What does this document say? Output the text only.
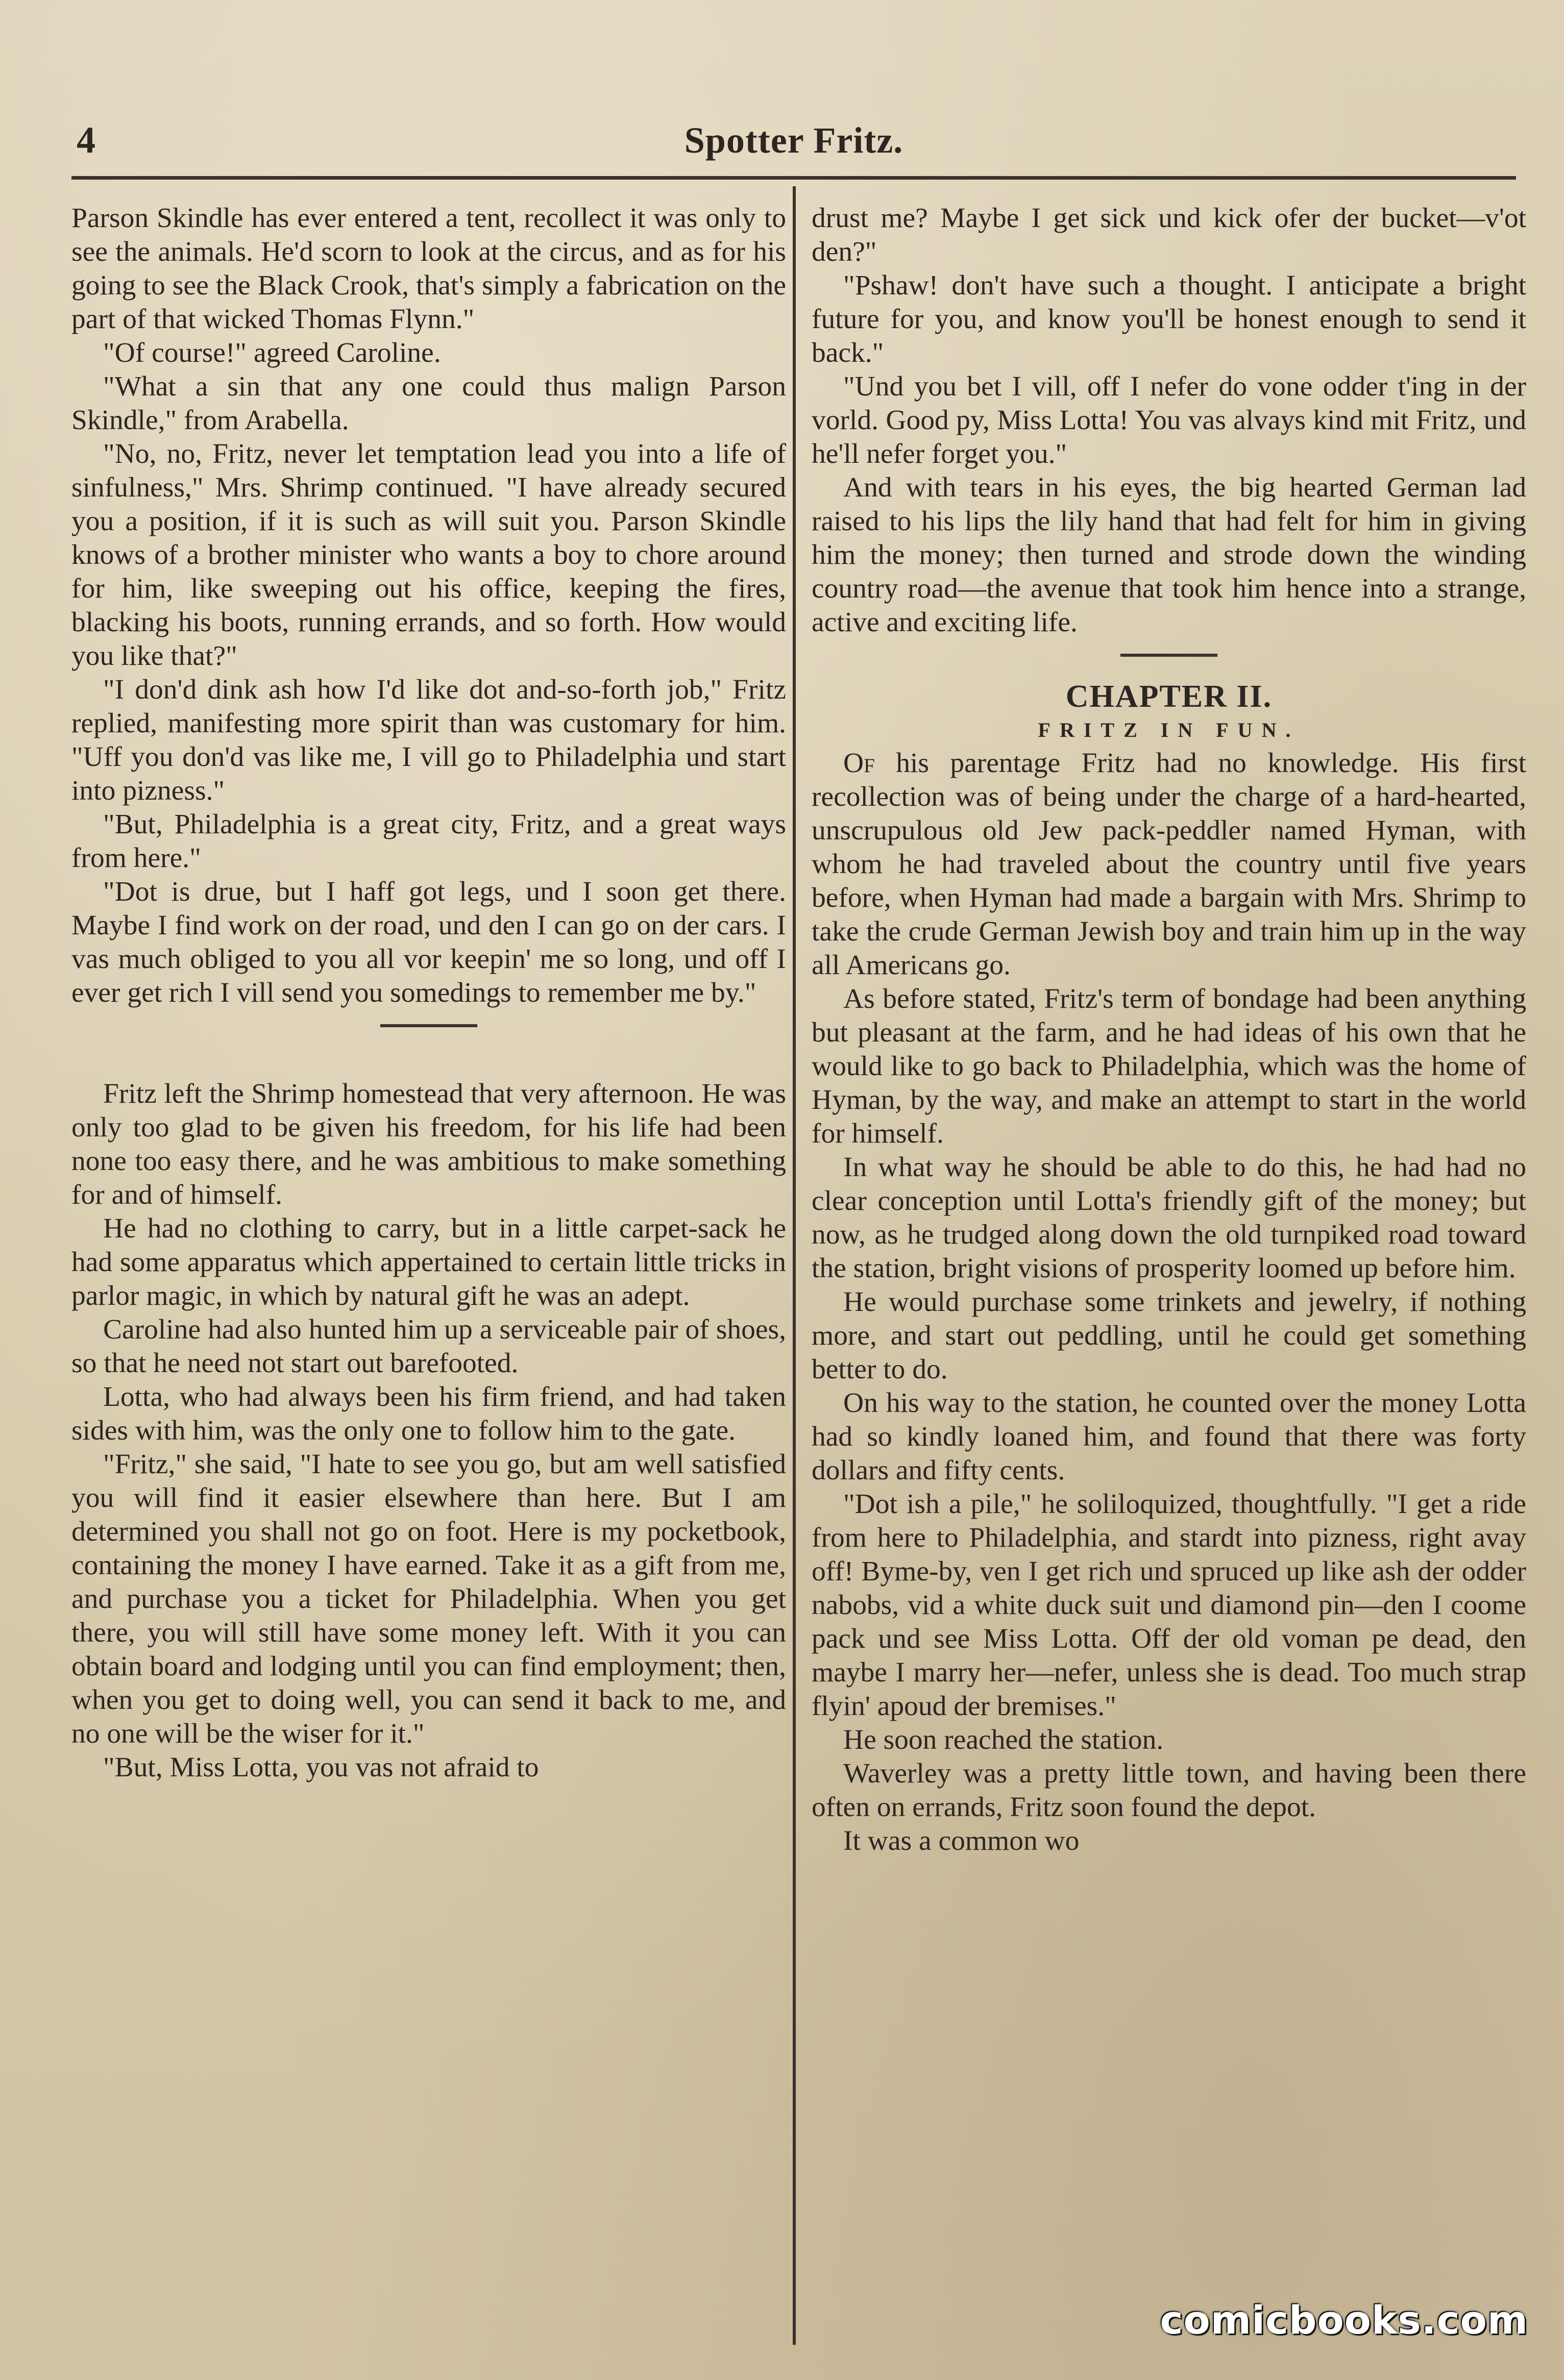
4	Spotter Fritz.

Parson Skindle has ever entered a tent, recollect it was only to see the animals. He'd scorn to look at the circus, and as for his going to see the Black Crook, that's simply a fabrication on the part of that wicked Thomas Flynn."

"Of course!" agreed Caroline.

"What a sin that any one could thus malign Parson Skindle," from Arabella.

"No, no, Fritz, never let temptation lead you into a life of sinfulness," Mrs. Shrimp continued. "I have already secured you a position, if it is such as will suit you. Parson Skindle knows of a brother minister who wants a boy to chore around for him, like sweeping out his office, keeping the fires, blacking his boots, running errands, and so forth. How would you like that?"

"I don'd dink ash how I'd like dot and-so-forth job," Fritz replied, manifesting more spirit than was customary for him. "Uff you don'd vas like me, I vill go to Philadelphia und start into pizness."

"But, Philadelphia is a great city, Fritz, and a great ways from here."

"Dot is drue, but I haff got legs, und I soon get there. Maybe I find work on der road, und den I can go on der cars. I vas much obliged to you all vor keepin' me so long, und off I ever get rich I vill send you somedings to remember me by."

Fritz left the Shrimp homestead that very afternoon. He was only too glad to be given his freedom, for his life had been none too easy there, and he was ambitious to make something for and of himself.

He had no clothing to carry, but in a little carpet-sack he had some apparatus which appertained to certain little tricks in parlor magic, in which by natural gift he was an adept.

Caroline had also hunted him up a serviceable pair of shoes, so that he need not start out barefooted.

Lotta, who had always been his firm friend, and had taken sides with him, was the only one to follow him to the gate.

"Fritz," she said, "I hate to see you go, but am well satisfied you will find it easier elsewhere than here. But I am determined you shall not go on foot. Here is my pocketbook, containing the money I have earned. Take it as a gift from me, and purchase you a ticket for Philadelphia. When you get there, you will still have some money left. With it you can obtain board and lodging until you can find employment; then, when you get to doing well, you can send it back to me, and no one will be the wiser for it."

"But, Miss Lotta, you vas not afraid to

drust me? Maybe I get sick und kick ofer der bucket—v'ot den?"

"Pshaw! don't have such a thought. I anticipate a bright future for you, and know you'll be honest enough to send it back."

"Und you bet I vill, off I nefer do vone odder t'ing in der vorld. Good py, Miss Lotta! You vas alvays kind mit Fritz, und he'll nefer forget you."

And with tears in his eyes, the big hearted German lad raised to his lips the lily hand that had felt for him in giving him the money; then turned and strode down the winding country road—the avenue that took him hence into a strange, active and exciting life.

CHAPTER II.
FRITZ IN FUN.

Of his parentage Fritz had no knowledge. His first recollection was of being under the charge of a hard-hearted, unscrupulous old Jew pack-peddler named Hyman, with whom he had traveled about the country until five years before, when Hyman had made a bargain with Mrs. Shrimp to take the crude German Jewish boy and train him up in the way all Americans go.

As before stated, Fritz's term of bondage had been anything but pleasant at the farm, and he had ideas of his own that he would like to go back to Philadelphia, which was the home of Hyman, by the way, and make an attempt to start in the world for himself.

In what way he should be able to do this, he had had no clear conception until Lotta's friendly gift of the money; but now, as he trudged along down the old turnpiked road toward the station, bright visions of prosperity loomed up before him.

He would purchase some trinkets and jewelry, if nothing more, and start out peddling, until he could get something better to do.

On his way to the station, he counted over the money Lotta had so kindly loaned him, and found that there was forty dollars and fifty cents.

"Dot ish a pile," he soliloquized, thoughtfully. "I get a ride from here to Philadelphia, and stardt into pizness, right avay off! Byme-by, ven I get rich und spruced up like ash der odder nabobs, vid a white duck suit und diamond pin—den I coome pack und see Miss Lotta. Off der old voman pe dead, den maybe I marry her—nefer, unless she is dead. Too much strap flyin' apoud der bremises."

He soon reached the station.

Waverley was a pretty little town, and having been there often on errands, Fritz soon found the depot.

It was a common wo

comicbooks.com
